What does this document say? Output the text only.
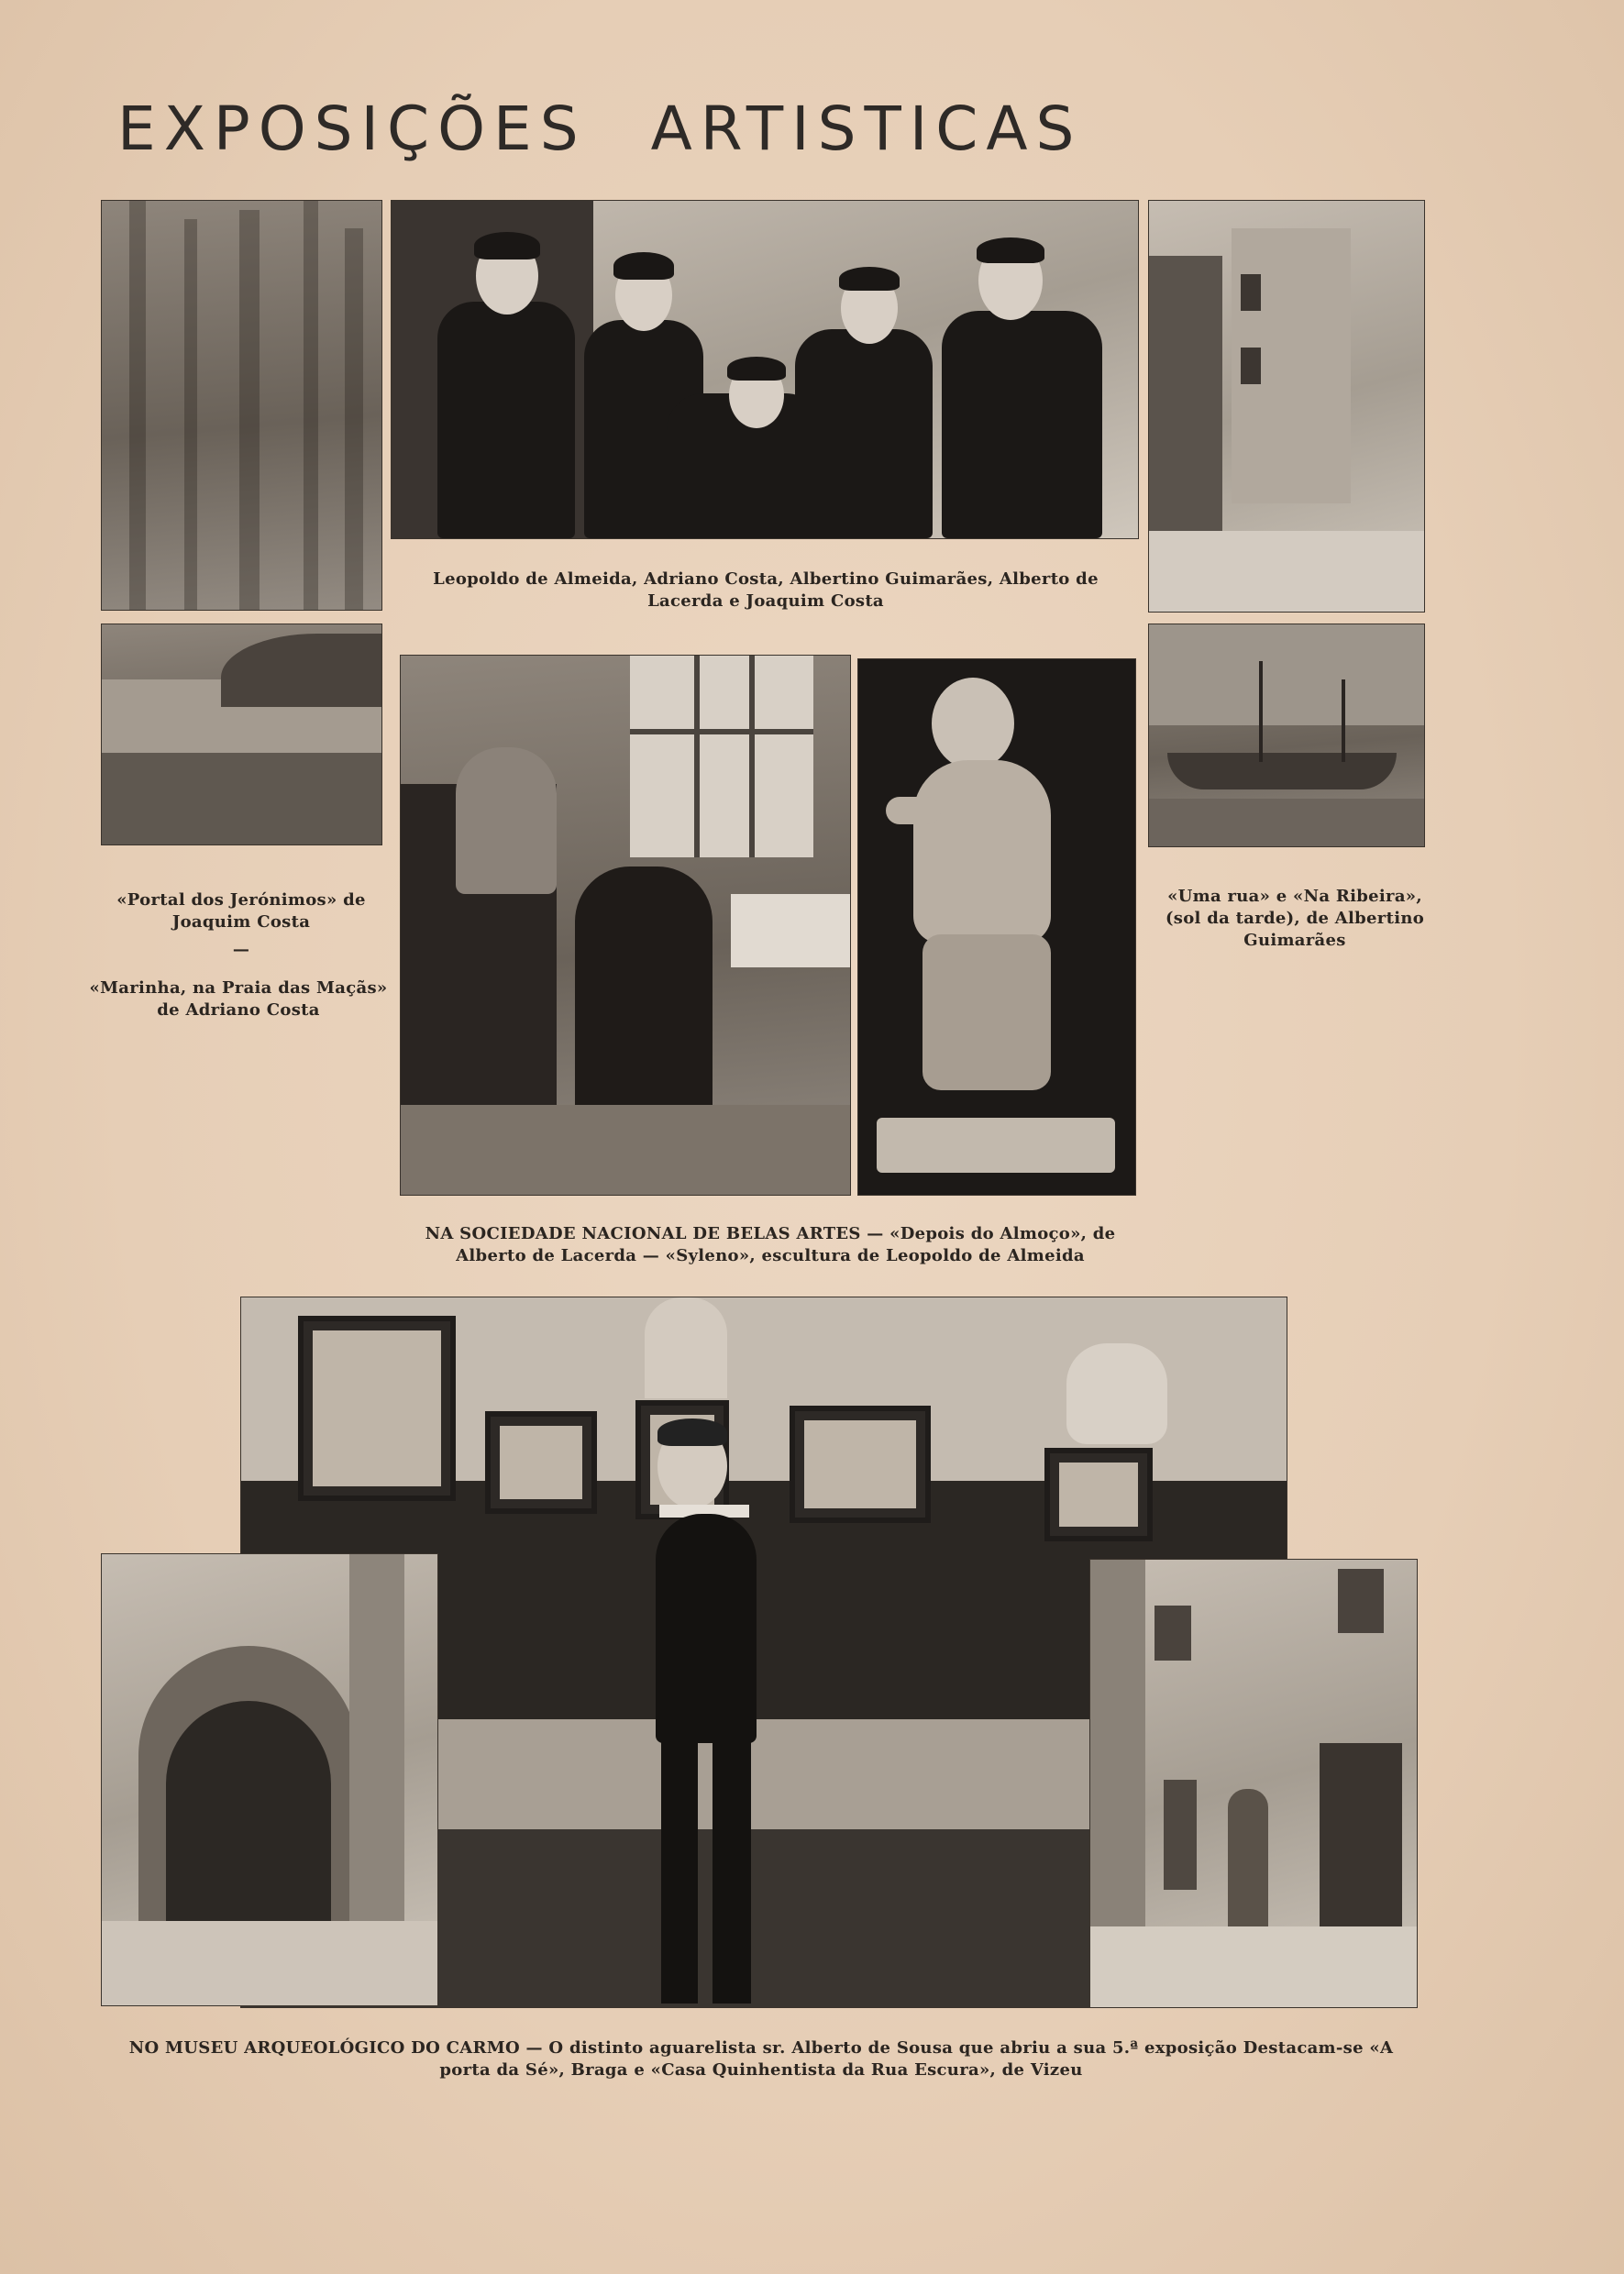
EXPOSIÇÕES ARTISTICAS
Leopoldo de Almeida, Adriano Costa, Albertino Guimarães, Alberto de Lacerda e Joaquim Costa
«Portal dos Jerónimos» de Joaquim Costa
—
«Marinha, na Praia das Maçãs» de Adriano Costa
«Uma rua» e «Na Ribeira», (sol da tarde), de Albertino Guimarães
NA SOCIEDADE NACIONAL DE BELAS ARTES — «Depois do Almoço», de Alberto de Lacerda — «Syleno», escultura de Leopoldo de Almeida
NO MUSEU ARQUEOLÓGICO DO CARMO — O distinto aguarelista sr. Alberto de Sousa que abriu a sua 5.ª exposição Destacam-se «A porta da Sé», Braga e «Casa Quinhentista da Rua Escura», de Vizeu
